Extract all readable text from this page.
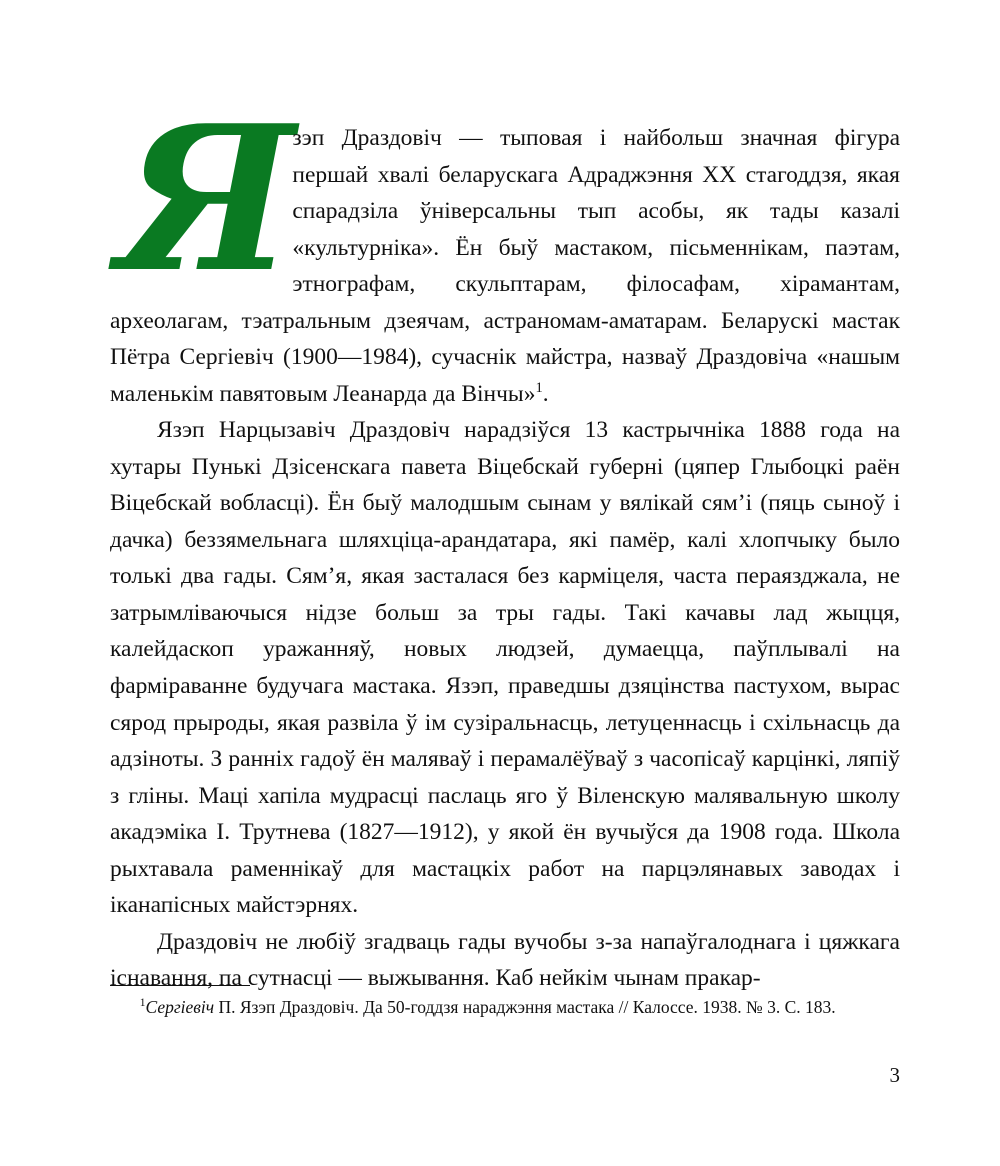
Язэп Драздовіч — тыповая і найбольш значная фігура першай хвалі беларускага Адраджэння XX стагоддзя, якая спарадзіла ўніверсальны тып асобы, як тады казалі «культурніка». Ён быў мастаком, пісьменнікам, паэтам, этнографам, скульптарам, філосафам, хірамантам, археолагам, тэатральным дзеячам, астраномам-аматарам. Беларускі мастак Пётра Сергіевіч (1900—1984), сучаснік майстра, назваў Драздовіча «нашым маленькім павятовым Леанарда да Вінчы»$^1$.

Язэп Нарцызавіч Драздовіч нарадзіўся 13 кастрычніка 1888 года на хутары Пунькі Дзісенскага павета Віцебскай губерні (цяпер Глыбоцкі раён Віцебскай вобласці). Ён быў малодшым сынам у вялікай сям’і (пяць сыноў і дачка) беззямельнага шляхціца-арандатара, які памёр, калі хлопчыку было толькі два гады. Сям’я, якая засталася без карміцеля, часта пераязджала, не затрымліваючыся нідзе больш за тры гады. Такі качавы лад жыцця, калейдаскоп уражанняў, новых людзей, думаецца, паўплывалі на фарміраванне будучага мастака. Язэп, праведшы дзяцінства пастухом, вырас сярод прыроды, якая развіла ў ім сузіральнасць, летуценнасць і схільнасць да адзіноты. З ранніх гадоў ён маляваў і перамалёўваў з часопісаў карцінкі, ляпіў з гліны. Маці хапіла мудрасці паслаць яго ў Віленскую малявальную школу акадэміка І. Трутнева (1827—1912), у якой ён вучыўся да 1908 года. Школа рыхтавала раменнікаў для мастацкіх работ на парцэлянавых заводах і іканапісных майстэрнях.

Драздовіч не любіў згадваць гады вучобы з-за напаўгалоднага і цяжкага існавання, па сутнасці — выжывання. Каб нейкім чынам пракар-

$^1$Сергіевіч П. Язэп Драздовіч. Да 50-годдзя нараджэння мастака // Калоссе. 1938. № 3. С. 183.

3
